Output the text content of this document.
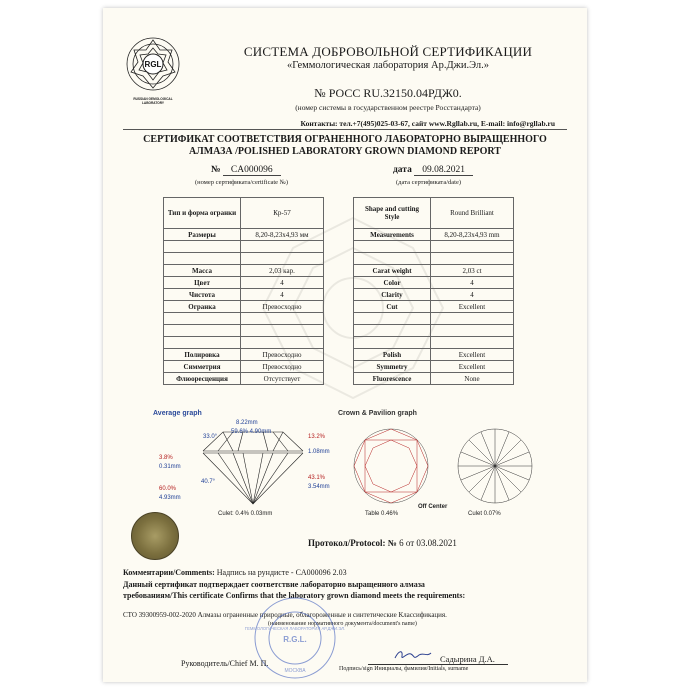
RGL
RUSSIAN GEMOLOGICAL
LABORATORY
СИСТЕМА ДОБРОВОЛЬНОЙ СЕРТИФИКАЦИИ
«Геммологическая лаборатория Ар.Джи.Эл.»
№ РОСС RU.32150.04РДЖ0.
(номер системы в государственном реестре Росстандарта)
Контакты: тел.+7(495)025-03-67, сайт www.Rgllab.ru, E-mail: info@rgllab.ru
СЕРТИФИКАТ СООТВЕТСТВИЯ ОГРАНЕННОГО ЛАБОРАТОРНО ВЫРАЩЕННОГО
АЛМАЗА /POLISHED LABORATORY GROWN DIAMOND REPORT
№ CA000096
(номер сертификата/certificate №)
дата 09.08.2021
(дата сертификата/date)
Тип и форма огранки	Кр-57
Размеры	8,20-8,23х4,93 мм

Масса	2,03 кар.
Цвет	4
Чистота	4
Огранка	Превосходно

Полировка	Превосходно
Симметрия	Превосходно
Флюоресценция	Отсутствует
Shape and cutting Style	Round Brilliant
Measurements	8,20-8,23х4,93 mm

Carat weight	2,03 ct
Color	4
Clarity	4
Cut	Excellent

Polish	Excellent
Symmetry	Excellent
Fluorescence	None
Average graph	Crown & Pavilion graph
8.22mm
59.6% 4.90mm
33.0°	13.2%
1.08mm
3.8%
0.31mm
40.7°
43.1%
3.54mm
60.0%
4.93mm
Culet: 0.4% 0.03mm	Table 0.46%
Off Center
Culet 0.07%
Протокол/Protocol: № 6 от 03.08.2021
Комментарии/Comments: Надпись на рундисте - CA000096 2.03
Данный сертификат подтверждает соответствие лабораторно выращенного алмаза
требованиям/This certificate Confirms that the laboratory grown diamond meets the requirements:
СТО 39300959-002-2020 Алмазы ограненные природные, облагороженные и синтетические Классификация.
(наименование нормативного документа/document's name)
ГЕММОЛОГИЧЕСКАЯ ЛАБОРАТОРИЯ АР.ДЖИ.ЭЛ.
R.G.L.
МОСКВА
Руководитель/Chief М. П.	Садырина Д.А.
Подпись/sign Инициалы, фамилия/Initials, surname
